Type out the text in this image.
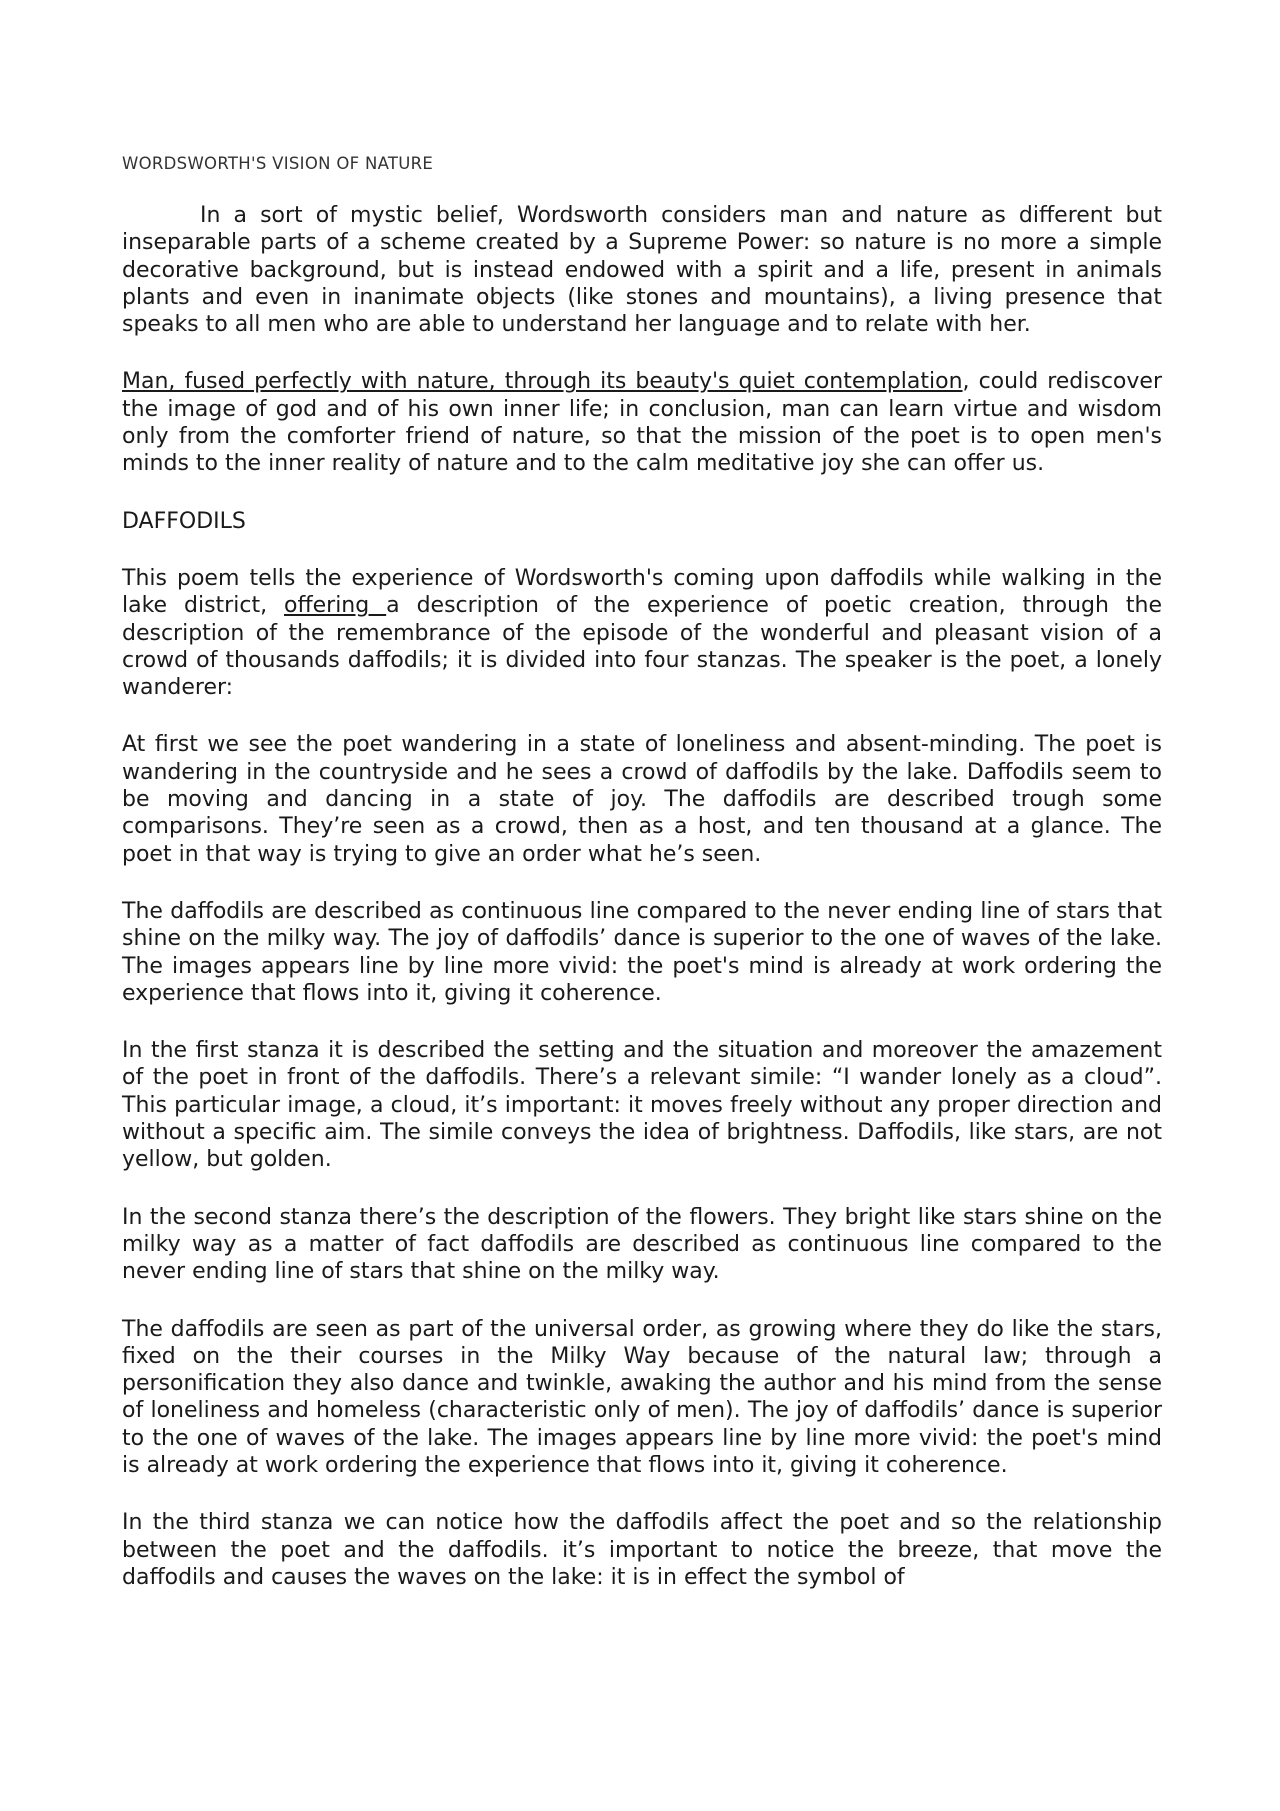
WORDSWORTH'S VISION OF NATURE

In a sort of mystic belief, Wordsworth considers man and nature as different but inseparable parts of a scheme created by a Supreme Power: so nature is no more a simple decorative background, but is instead endowed with a spirit and a life, present in animals plants and even in inanimate objects (like stones and mountains), a living presence that speaks to all men who are able to understand her language and to relate with her.

Man, fused perfectly with nature, through its beauty's quiet contemplation, could rediscover the image of god and of his own inner life; in conclusion, man can learn virtue and wisdom only from the comforter friend of nature, so that the mission of the poet is to open men's minds to the inner reality of nature and to the calm meditative joy she can offer us.

DAFFODILS

This poem tells the experience of Wordsworth's coming upon daffodils while walking in the lake district, offering a description of the experience of poetic creation, through the description of the remembrance of the episode of the wonderful and pleasant vision of a crowd of thousands daffodils; it is divided into four stanzas. The speaker is the poet, a lonely wanderer:

At first we see the poet wandering in a state of loneliness and absent-minding. The poet is wandering in the countryside and he sees a crowd of daffodils by the lake. Daffodils seem to be moving and dancing in a state of joy. The daffodils are described trough some comparisons. They’re seen as a crowd, then as a host, and ten thousand at a glance. The poet in that way is trying to give an order what he’s seen.

The daffodils are described as continuous line compared to the never ending line of stars that shine on the milky way. The joy of daffodils’ dance is superior to the one of waves of the lake. The images appears line by line more vivid: the poet's mind is already at work ordering the experience that flows into it, giving it coherence.

In the first stanza it is described the setting and the situation and moreover the amazement of the poet in front of the daffodils. There’s a relevant simile: “I wander lonely as a cloud”. This particular image, a cloud, it’s important: it moves freely without any proper direction and without a specific aim. The simile conveys the idea of brightness. Daffodils, like stars, are not yellow, but golden.

In the second stanza there’s the description of the flowers. They bright like stars shine on the milky way as a matter of fact daffodils are described as continuous line compared to the never ending line of stars that shine on the milky way.

The daffodils are seen as part of the universal order, as growing where they do like the stars, fixed on the their courses in the Milky Way because of the natural law; through a personification they also dance and twinkle, awaking the author and his mind from the sense of loneliness and homeless (characteristic only of men). The joy of daffodils’ dance is superior to the one of waves of the lake. The images appears line by line more vivid: the poet's mind is already at work ordering the experience that flows into it, giving it coherence.

In the third stanza we can notice how the daffodils affect the poet and so the relationship between the poet and the daffodils. it’s important to notice the breeze, that move the daffodils and causes the waves on the lake: it is in effect the symbol of
